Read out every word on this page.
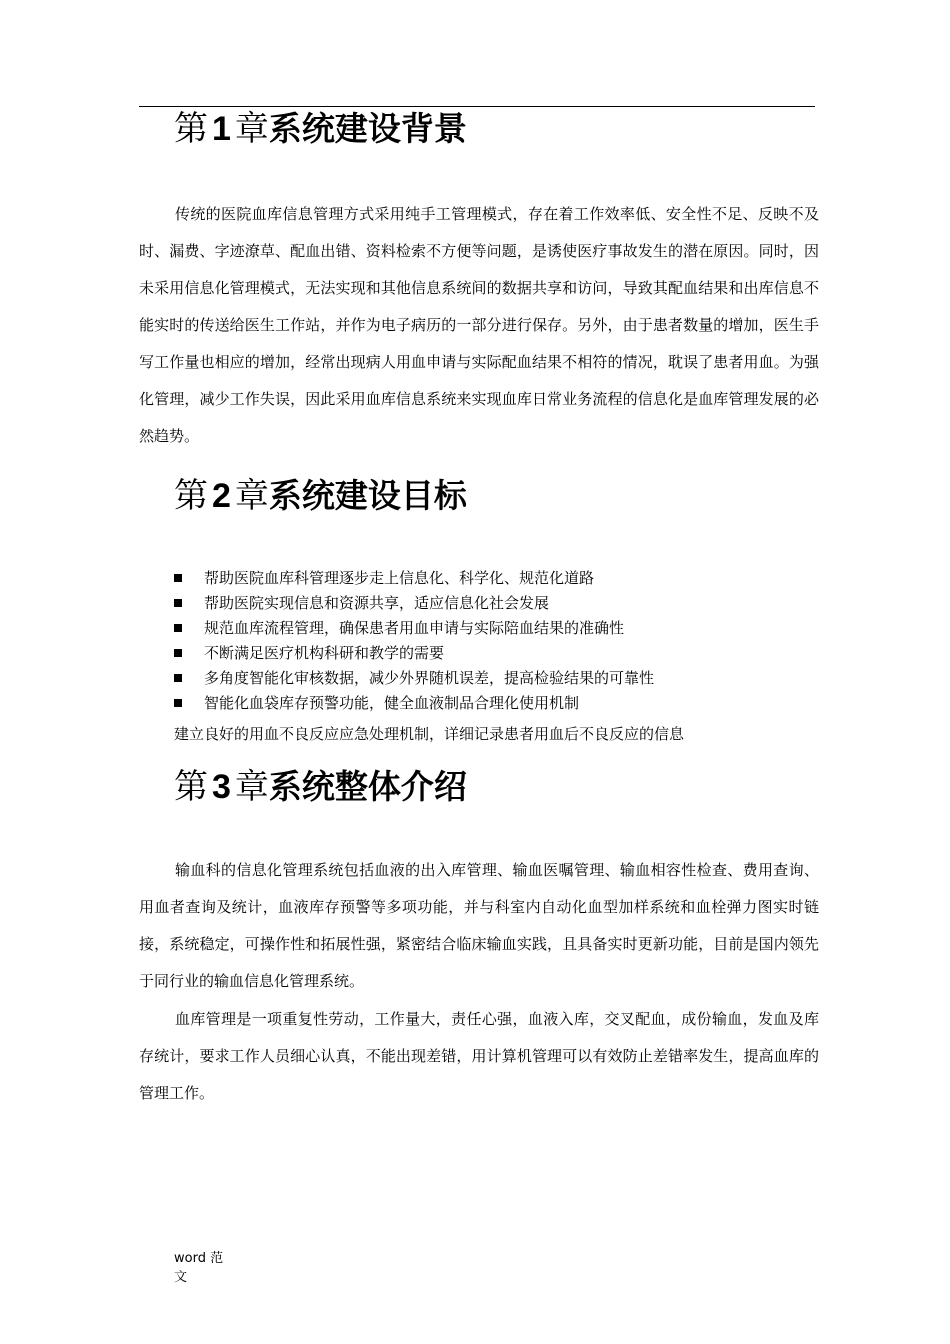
第 1 章系统建设背景

传统的医院血库信息管理方式采用纯手工管理模式，存在着工作效率低、安全性不足、反映不及时、漏费、字迹潦草、配血出错、资料检索不方便等问题，是诱使医疗事故发生的潜在原因。同时，因未采用信息化管理模式，无法实现和其他信息系统间的数据共享和访问，导致其配血结果和出库信息不能实时的传送给医生工作站，并作为电子病历的一部分进行保存。另外，由于患者数量的增加，医生手写工作量也相应的增加，经常出现病人用血申请与实际配血结果不相符的情况，耽误了患者用血。为强化管理，减少工作失误，因此采用血库信息系统来实现血库日常业务流程的信息化是血库管理发展的必然趋势。

第 2 章系统建设目标
帮助医院血库科管理逐步走上信息化、科学化、规范化道路
帮助医院实现信息和资源共享，适应信息化社会发展
规范血库流程管理，确保患者用血申请与实际陪血结果的准确性
不断满足医疗机构科研和教学的需要
多角度智能化审核数据，减少外界随机误差，提高检验结果的可靠性
智能化血袋库存预警功能，健全血液制品合理化使用机制
建立良好的用血不良反应应急处理机制，详细记录患者用血后不良反应的信息
第 3 章系统整体介绍

输血科的信息化管理系统包括血液的出入库管理、输血医嘱管理、输血相容性检查、费用查询、用血者查询及统计，血液库存预警等多项功能，并与科室内自动化血型加样系统和血栓弹力图实时链接，系统稳定，可操作性和拓展性强，紧密结合临床输血实践，且具备实时更新功能，目前是国内领先于同行业的输血信息化管理系统。

血库管理是一项重复性劳动，工作量大，责任心强，血液入库，交叉配血，成份输血，发血及库存统计，要求工作人员细心认真，不能出现差错，用计算机管理可以有效防止差错率发生，提高血库的管理工作。

word 范文
